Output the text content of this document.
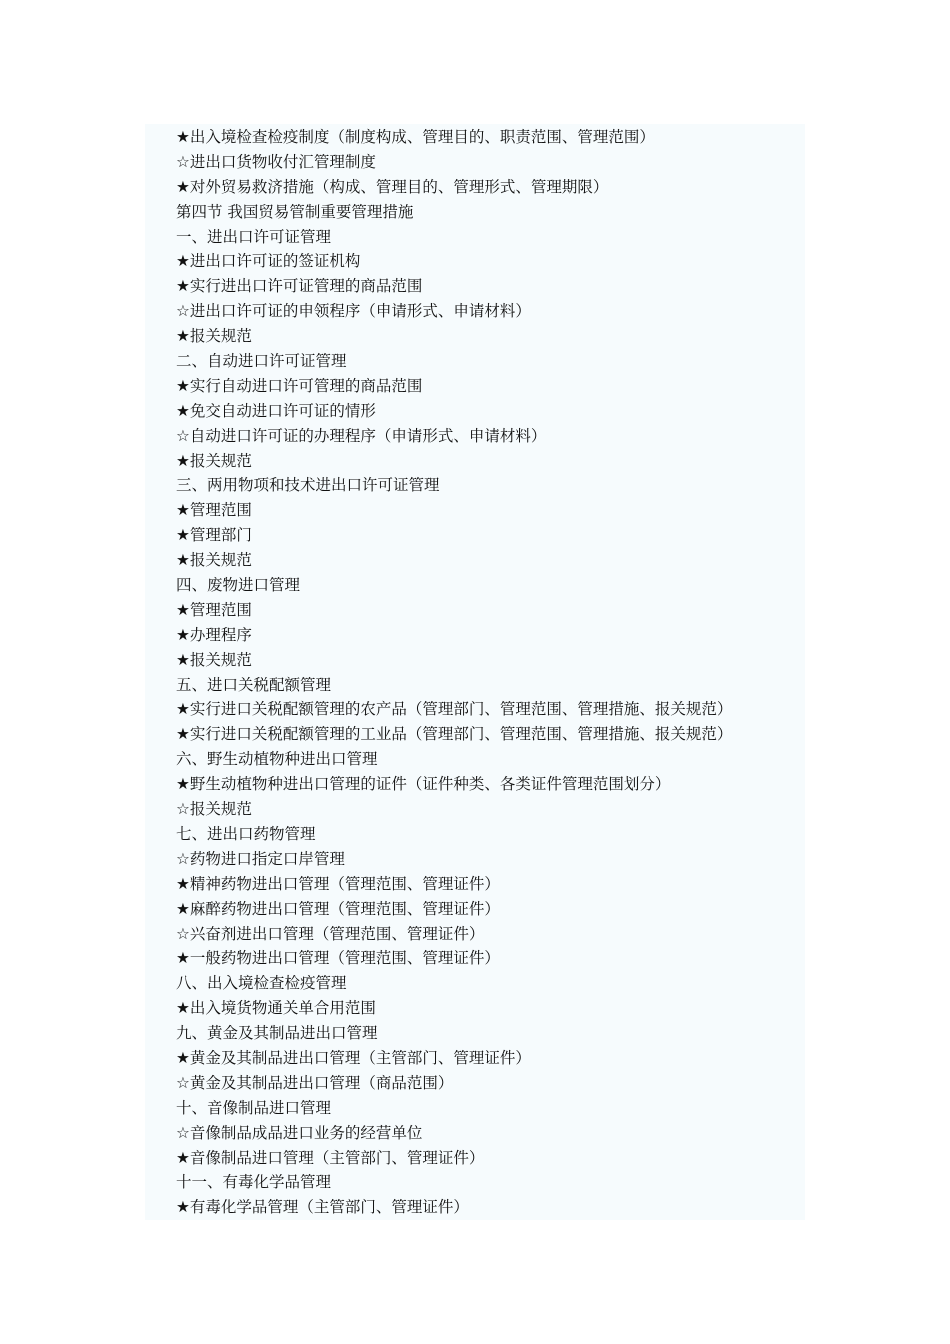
★出入境检查检疫制度（制度构成、管理目的、职责范围、管理范围）
☆进出口货物收付汇管理制度
★对外贸易救济措施（构成、管理目的、管理形式、管理期限）
第四节 我国贸易管制重要管理措施
一、进出口许可证管理
★进出口许可证的签证机构
★实行进出口许可证管理的商品范围
☆进出口许可证的申领程序（申请形式、申请材料）
★报关规范
二、自动进口许可证管理
★实行自动进口许可管理的商品范围
★免交自动进口许可证的情形
☆自动进口许可证的办理程序（申请形式、申请材料）
★报关规范
三、两用物项和技术进出口许可证管理
★管理范围
★管理部门
★报关规范
四、废物进口管理
★管理范围
★办理程序
★报关规范
五、进口关税配额管理
★实行进口关税配额管理的农产品（管理部门、管理范围、管理措施、报关规范）
★实行进口关税配额管理的工业品（管理部门、管理范围、管理措施、报关规范）
六、野生动植物种进出口管理
★野生动植物种进出口管理的证件（证件种类、各类证件管理范围划分）
☆报关规范
七、进出口药物管理
☆药物进口指定口岸管理
★精神药物进出口管理（管理范围、管理证件）
★麻醉药物进出口管理（管理范围、管理证件）
☆兴奋剂进出口管理（管理范围、管理证件）
★一般药物进出口管理（管理范围、管理证件）
八、出入境检查检疫管理
★出入境货物通关单合用范围
九、黄金及其制品进出口管理
★黄金及其制品进出口管理（主管部门、管理证件）
☆黄金及其制品进出口管理（商品范围）
十、音像制品进口管理
☆音像制品成品进口业务的经营单位
★音像制品进口管理（主管部门、管理证件）
十一、有毒化学品管理
★有毒化学品管理（主管部门、管理证件）
